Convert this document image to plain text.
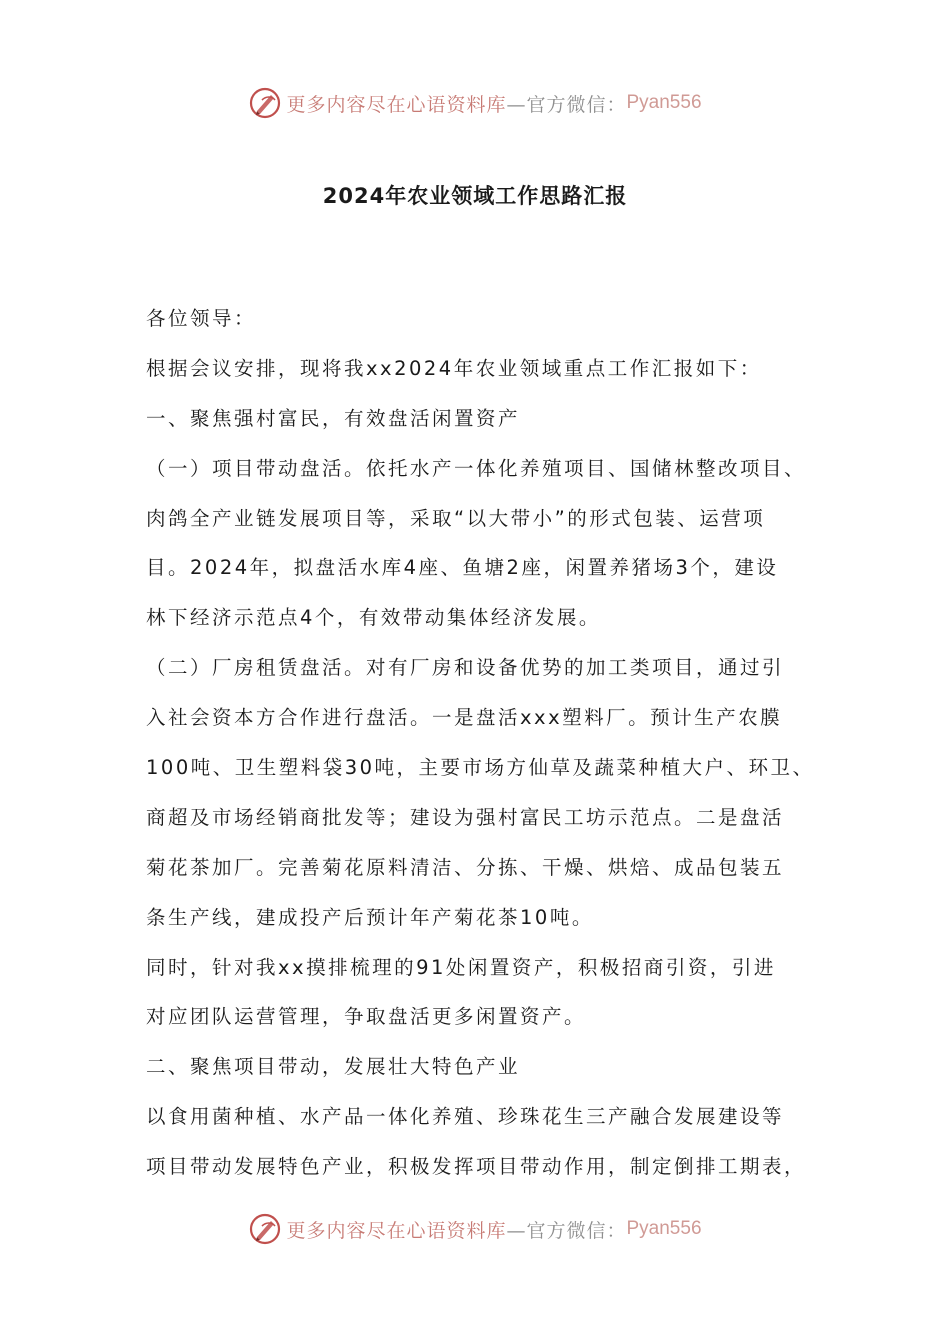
更多内容尽在心语资料库 —官方微信： Pyan556
2024年农业领域工作思路汇报
各位领导：
根据会议安排，现将我xx2024年农业领域重点工作汇报如下：
一、聚焦强村富民，有效盘活闲置资产
（一）项目带动盘活。依托水产一体化养殖项目、国储林整改项目、
肉鸽全产业链发展项目等，采取“以大带小”的形式包装、运营项
目。2024年，拟盘活水库4座、鱼塘2座，闲置养猪场3个，建设
林下经济示范点4个，有效带动集体经济发展。
（二）厂房租赁盘活。对有厂房和设备优势的加工类项目，通过引
入社会资本方合作进行盘活。一是盘活xxx塑料厂。预计生产农膜
100吨、卫生塑料袋30吨，主要市场方仙草及蔬菜种植大户、环卫、
商超及市场经销商批发等；建设为强村富民工坊示范点。二是盘活
菊花茶加厂。完善菊花原料清洁、分拣、干燥、烘焙、成品包装五
条生产线，建成投产后预计年产菊花茶10吨。
同时，针对我xx摸排梳理的91处闲置资产，积极招商引资，引进
对应团队运营管理，争取盘活更多闲置资产。
二、聚焦项目带动，发展壮大特色产业
以食用菌种植、水产品一体化养殖、珍珠花生三产融合发展建设等
项目带动发展特色产业，积极发挥项目带动作用，制定倒排工期表，
更多内容尽在心语资料库 —官方微信： Pyan556
